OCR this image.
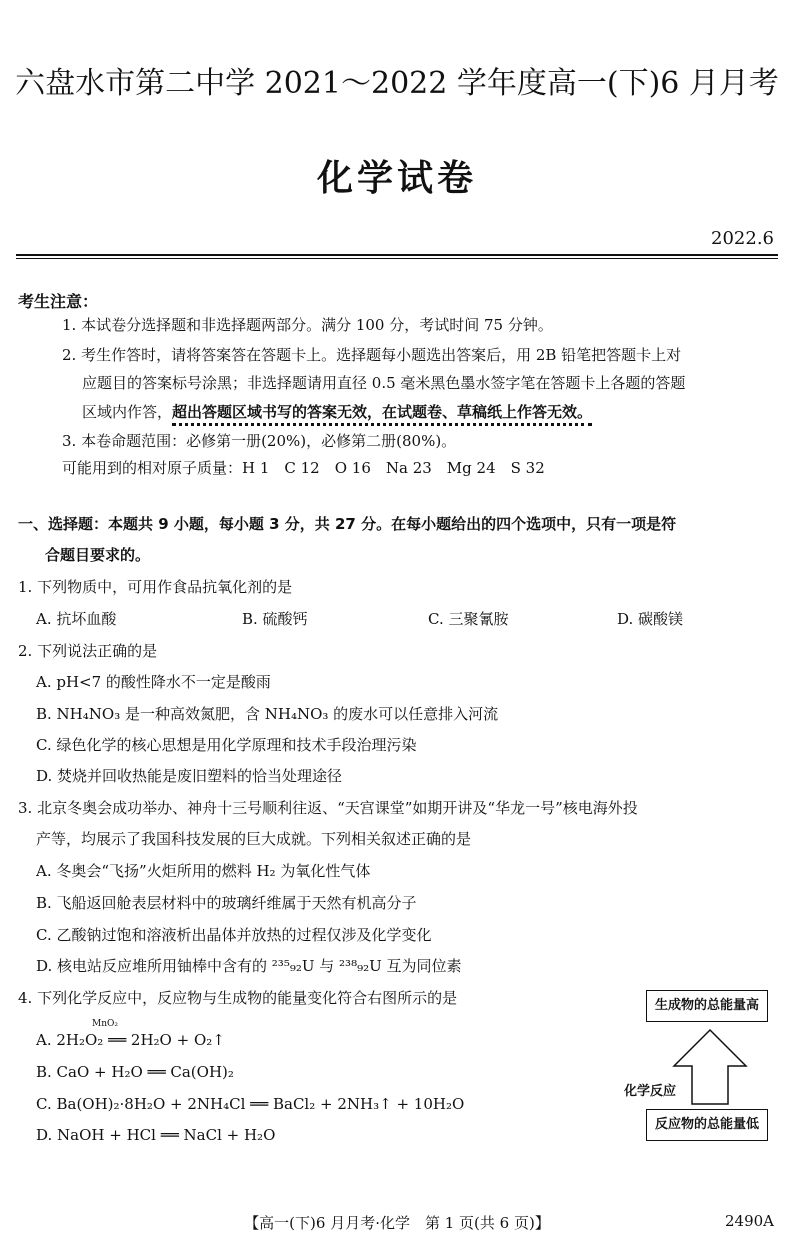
六盘水市第二中学 2021～2022 学年度高一(下)6 月月考
化学试卷
2022.6
考生注意：
1. 本试卷分选择题和非选择题两部分。满分 100 分，考试时间 75 分钟。
2. 考生作答时，请将答案答在答题卡上。选择题每小题选出答案后，用 2B 铅笔把答题卡上对
应题目的答案标号涂黑；非选择题请用直径 0.5 毫米黑色墨水签字笔在答题卡上各题的答题
区域内作答，超出答题区域书写的答案无效，在试题卷、草稿纸上作答无效。
3. 本卷命题范围：必修第一册(20%)，必修第二册(80%)。
可能用到的相对原子质量：H 1　C 12　O 16　Na 23　Mg 24　S 32
一、选择题：本题共 9 小题，每小题 3 分，共 27 分。在每小题给出的四个选项中，只有一项是符
合题目要求的。
1. 下列物质中，可用作食品抗氧化剂的是
A. 抗坏血酸	B. 硫酸钙	C. 三聚氰胺	D. 碳酸镁
2. 下列说法正确的是
A. pH<7 的酸性降水不一定是酸雨
B. NH₄NO₃ 是一种高效氮肥，含 NH₄NO₃ 的废水可以任意排入河流
C. 绿色化学的核心思想是用化学原理和技术手段治理污染
D. 焚烧并回收热能是废旧塑料的恰当处理途径
3. 北京冬奥会成功举办、神舟十三号顺利往返、“天宫课堂”如期开讲及“华龙一号”核电海外投
产等，均展示了我国科技发展的巨大成就。下列相关叙述正确的是
A. 冬奥会“飞扬”火炬所用的燃料 H₂ 为氧化性气体
B. 飞船返回舱表层材料中的玻璃纤维属于天然有机高分子
C. 乙酸钠过饱和溶液析出晶体并放热的过程仅涉及化学变化
D. 核电站反应堆所用铀棒中含有的 ²³⁵₉₂U 与 ²³⁸₉₂U 互为同位素
4. 下列化学反应中，反应物与生成物的能量变化符合右图所示的是
MnO₂
A. 2H₂O₂ ══ 2H₂O + O₂↑
B. CaO + H₂O ══ Ca(OH)₂
C. Ba(OH)₂·8H₂O + 2NH₄Cl ══ BaCl₂ + 2NH₃↑ + 10H₂O
D. NaOH + HCl ══ NaCl + H₂O
生成物的总能量高
化学反应
反应物的总能量低
【高一(下)6 月月考·化学　第 1 页(共 6 页)】	2490A
